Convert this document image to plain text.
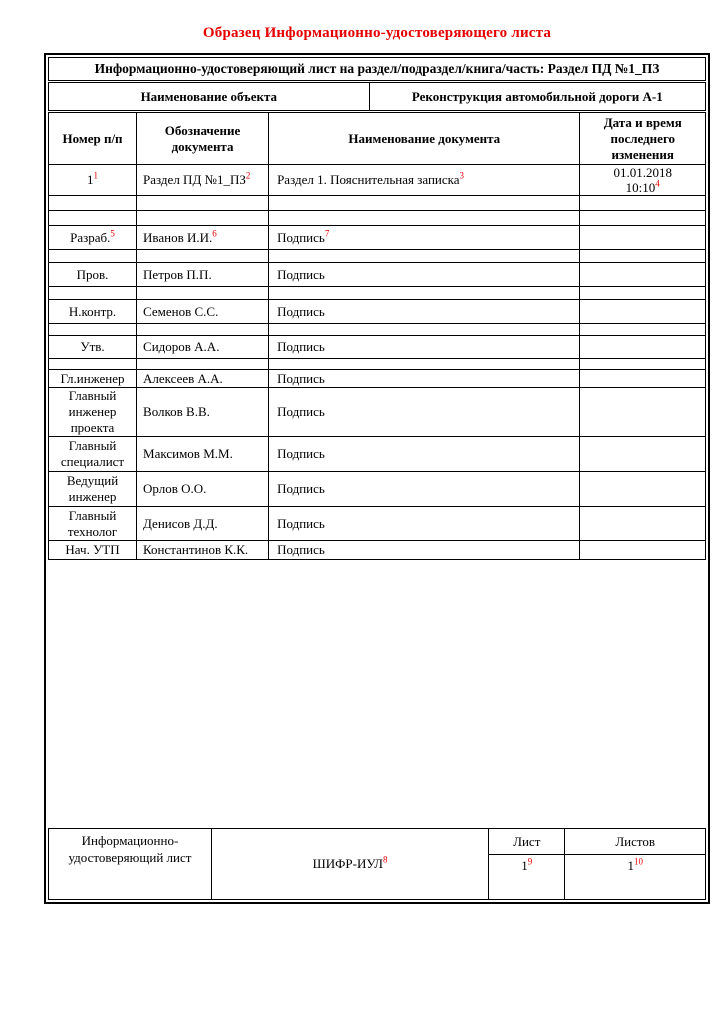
Образец Информационно-удостоверяющего листа
Информационно-удостоверяющий лист на раздел/подраздел/книга/часть: Раздел ПД №1_ПЗ
Наименование объекта	Реконструкция автомобильной дороги А-1
Номер п/п	Обозначение документа	Наименование документа	Дата и время последнего изменения
1$^1$	Раздел ПД №1_ПЗ$^2$	Раздел 1. Пояснительная записка$^3$	01.01.2018
10:10$^4$

Разраб.$^5$	Иванов И.И.$^6$	Подпись$^7$	

Пров.	Петров П.П.	Подпись	

Н.контр.	Семенов С.С.	Подпись	

Утв.	Сидоров А.А.	Подпись	

Гл.инженер	Алексеев А.А.	Подпись	
Главный инженер проекта	Волков В.В.	Подпись	
Главный специалист	Максимов М.М.	Подпись	
Ведущий инженер	Орлов О.О.	Подпись	
Главный технолог	Денисов Д.Д.	Подпись	
Нач. УТП	Константинов К.К.	Подпись	
Информационно-удостоверяющий лист	ШИФР-ИУЛ$^8$	Лист	Листов
		1$^9$	1$^{10}$
